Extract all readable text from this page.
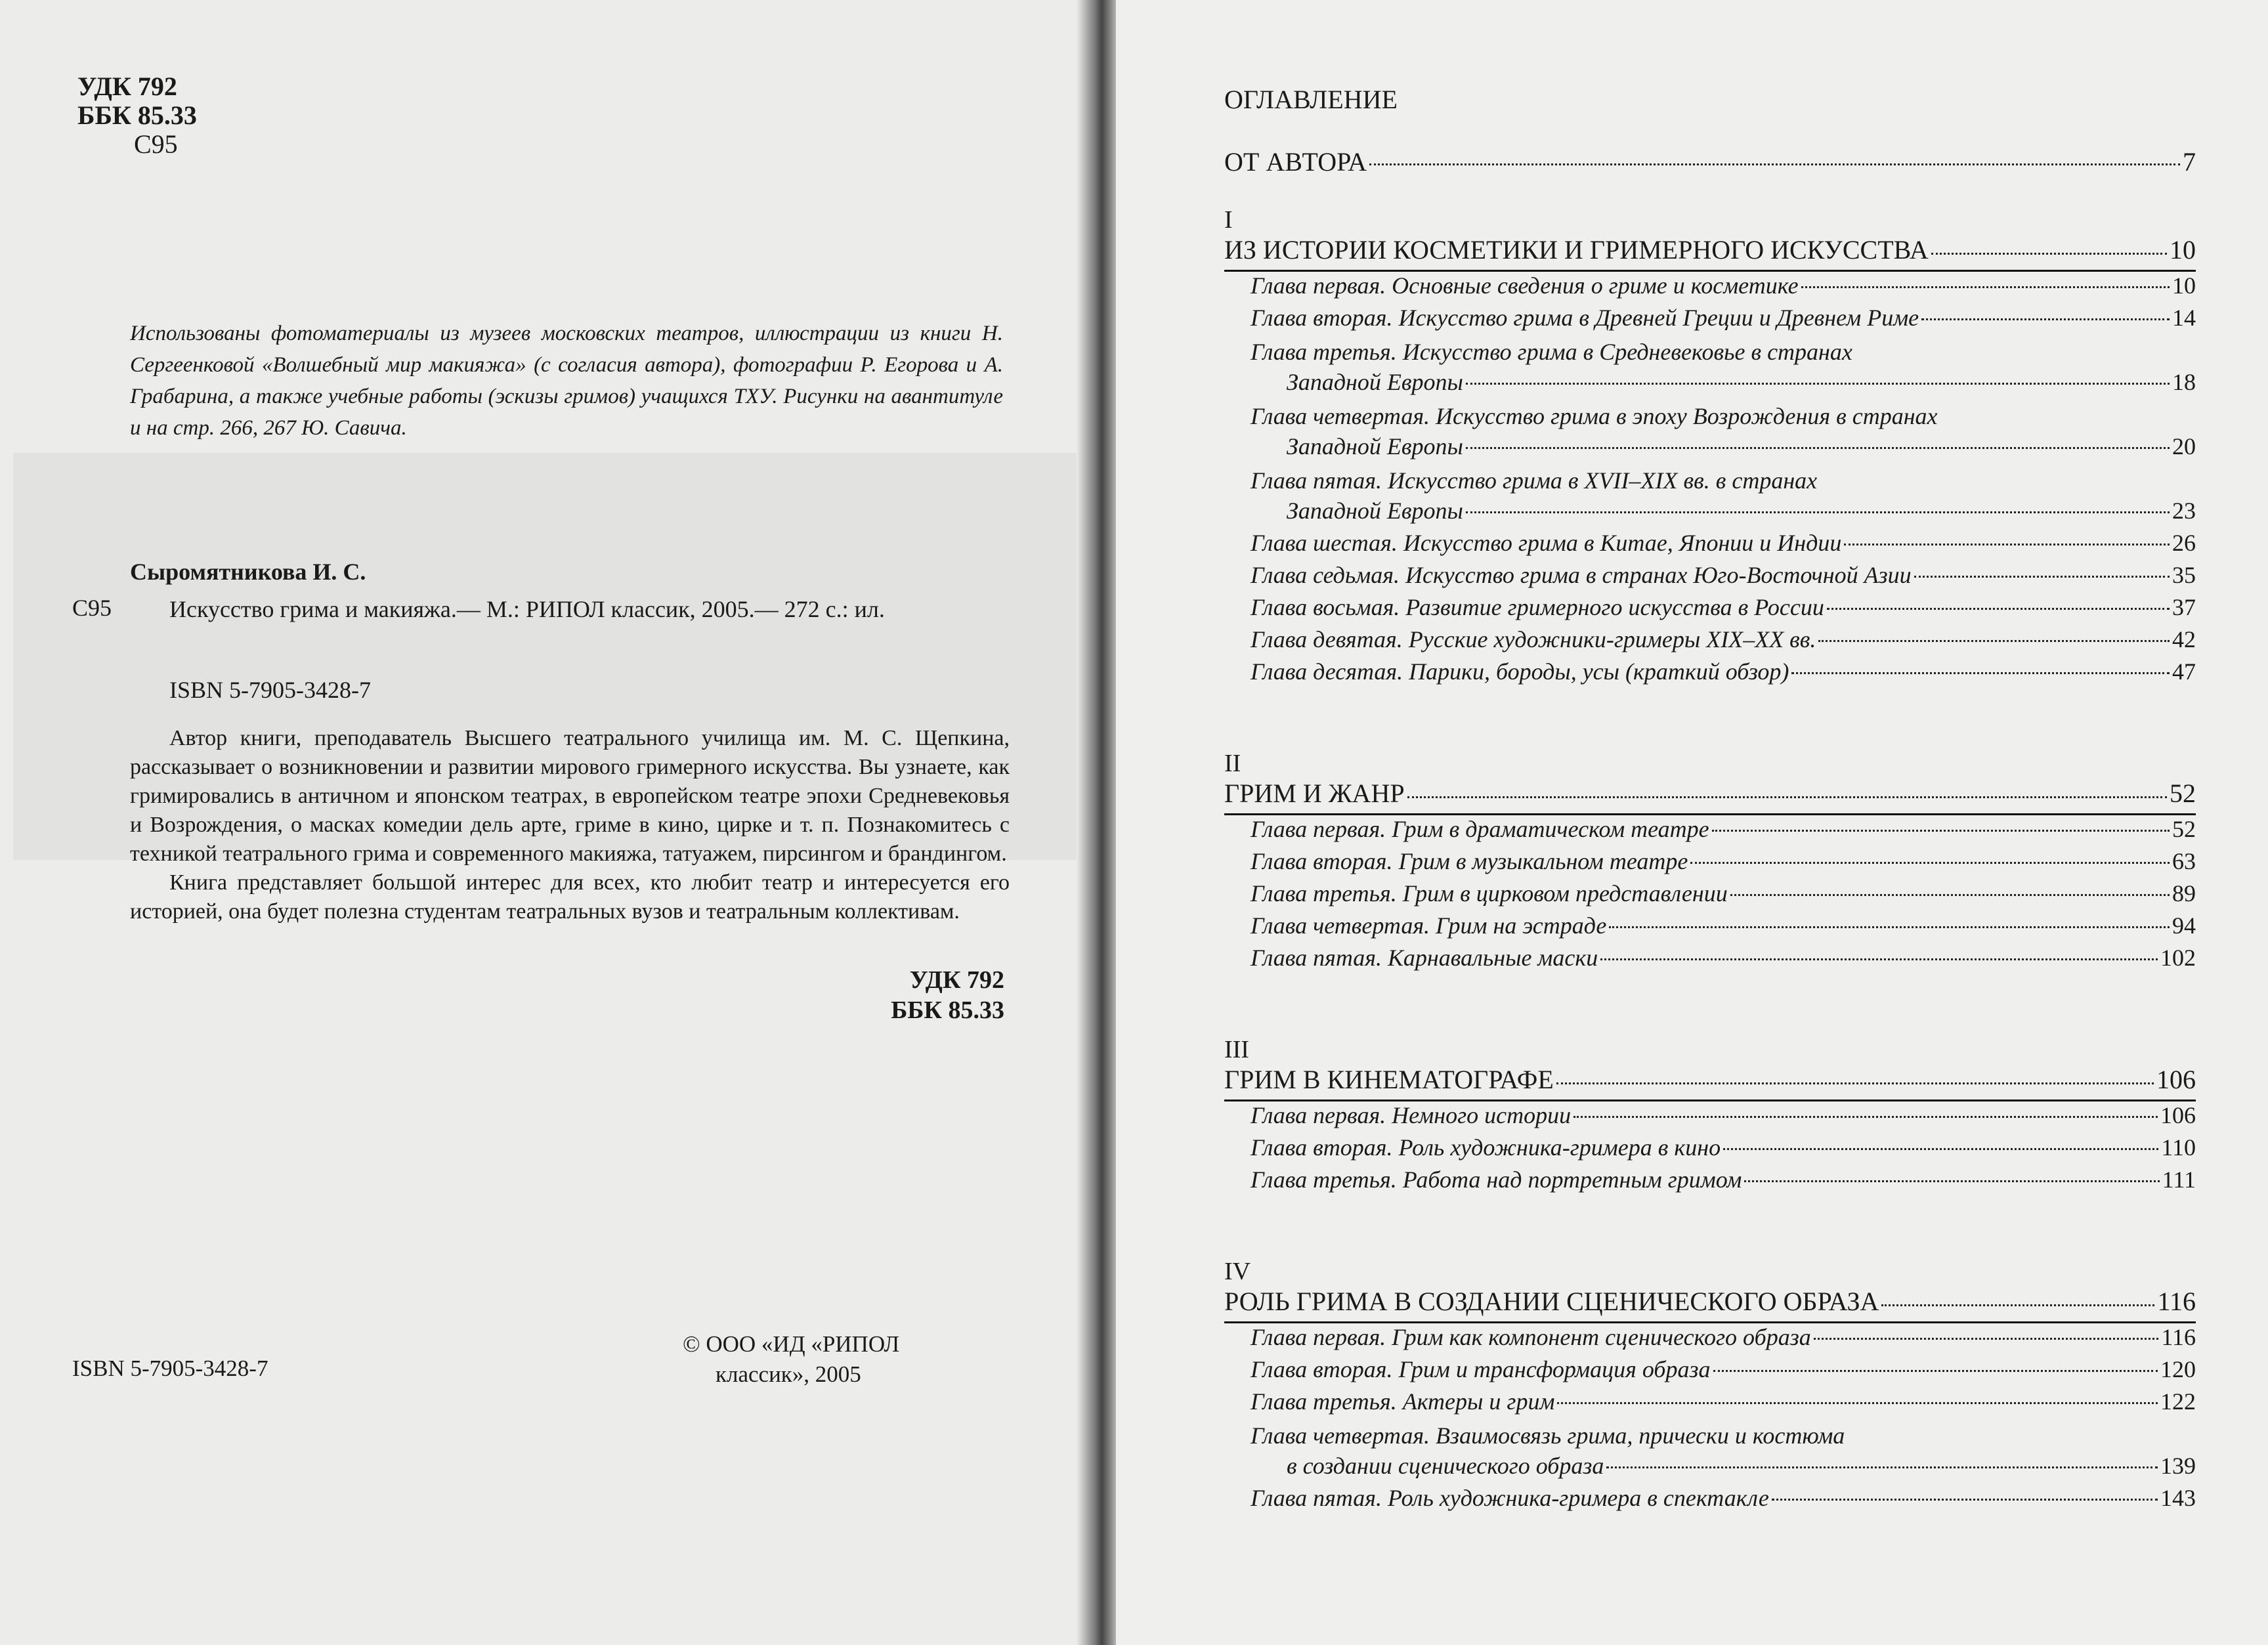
УДК 792
ББК 85.33
С95
Использованы фотоматериалы из музеев московских театров, иллюстрации из книги Н. Сергеенковой «Волшебный мир макияжа» (с согласия автора), фотографии Р. Егорова и А. Грабарина, а также учебные работы (эскизы гримов) учащихся ТХУ. Рисунки на авантитуле и на стр. 266, 267 Ю. Савича.
Сыромятникова И. С.
С95 Искусство грима и макияжа.— М.: РИПОЛ классик, 2005.— 272 с.: ил.
ISBN 5-7905-3428-7

Автор книги, преподаватель Высшего театрального училища им. М. С. Щепкина, рассказывает о возникновении и развитии мирового гримерного искусства. Вы узнаете, как гримировались в античном и японском театрах, в европейском театре эпохи Средневековья и Возрождения, о масках комедии дель арте, гриме в кино, цирке и т. п. Познакомитесь с техникой театрального грима и современного макияжа, татуажем, пирсингом и брандингом.

Книга представляет большой интерес для всех, кто любит театр и интересуется его историей, она будет полезна студентам театральных вузов и театральным коллективам.

УДК 792
ББК 85.33
ISBN 5-7905-3428-7
© ООО «ИД «РИПОЛ
классик», 2005
ОГЛАВЛЕНИЕ
ОТ АВТОРА	7
I
ИЗ ИСТОРИИ КОСМЕТИКИ И ГРИМЕРНОГО ИСКУССТВА	10
Глава первая. Основные сведения о гриме и косметике	10
Глава вторая. Искусство грима в Древней Греции и Древнем Риме	14
Глава третья. Искусство грима в Средневековье в странах
Западной Европы	18
Глава четвертая. Искусство грима в эпоху Возрождения в странах
Западной Европы	20
Глава пятая. Искусство грима в XVII–XIX вв. в странах
Западной Европы	23
Глава шестая. Искусство грима в Китае, Японии и Индии	26
Глава седьмая. Искусство грима в странах Юго-Восточной Азии	35
Глава восьмая. Развитие гримерного искусства в России	37
Глава девятая. Русские художники-гримеры XIX–XX вв.	42
Глава десятая. Парики, бороды, усы (краткий обзор)	47
II
ГРИМ И ЖАНР	52
Глава первая. Грим в драматическом театре	52
Глава вторая. Грим в музыкальном театре	63
Глава третья. Грим в цирковом представлении	89
Глава четвертая. Грим на эстраде	94
Глава пятая. Карнавальные маски	102
III
ГРИМ В КИНЕМАТОГРАФЕ	106
Глава первая. Немного истории	106
Глава вторая. Роль художника-гримера в кино	110
Глава третья. Работа над портретным гримом	111
IV
РОЛЬ ГРИМА В СОЗДАНИИ СЦЕНИЧЕСКОГО ОБРАЗА	116
Глава первая. Грим как компонент сценического образа	116
Глава вторая. Грим и трансформация образа	120
Глава третья. Актеры и грим	122
Глава четвертая. Взаимосвязь грима, прически и костюма
в создании сценического образа	139
Глава пятая. Роль художника-гримера в спектакле	143
